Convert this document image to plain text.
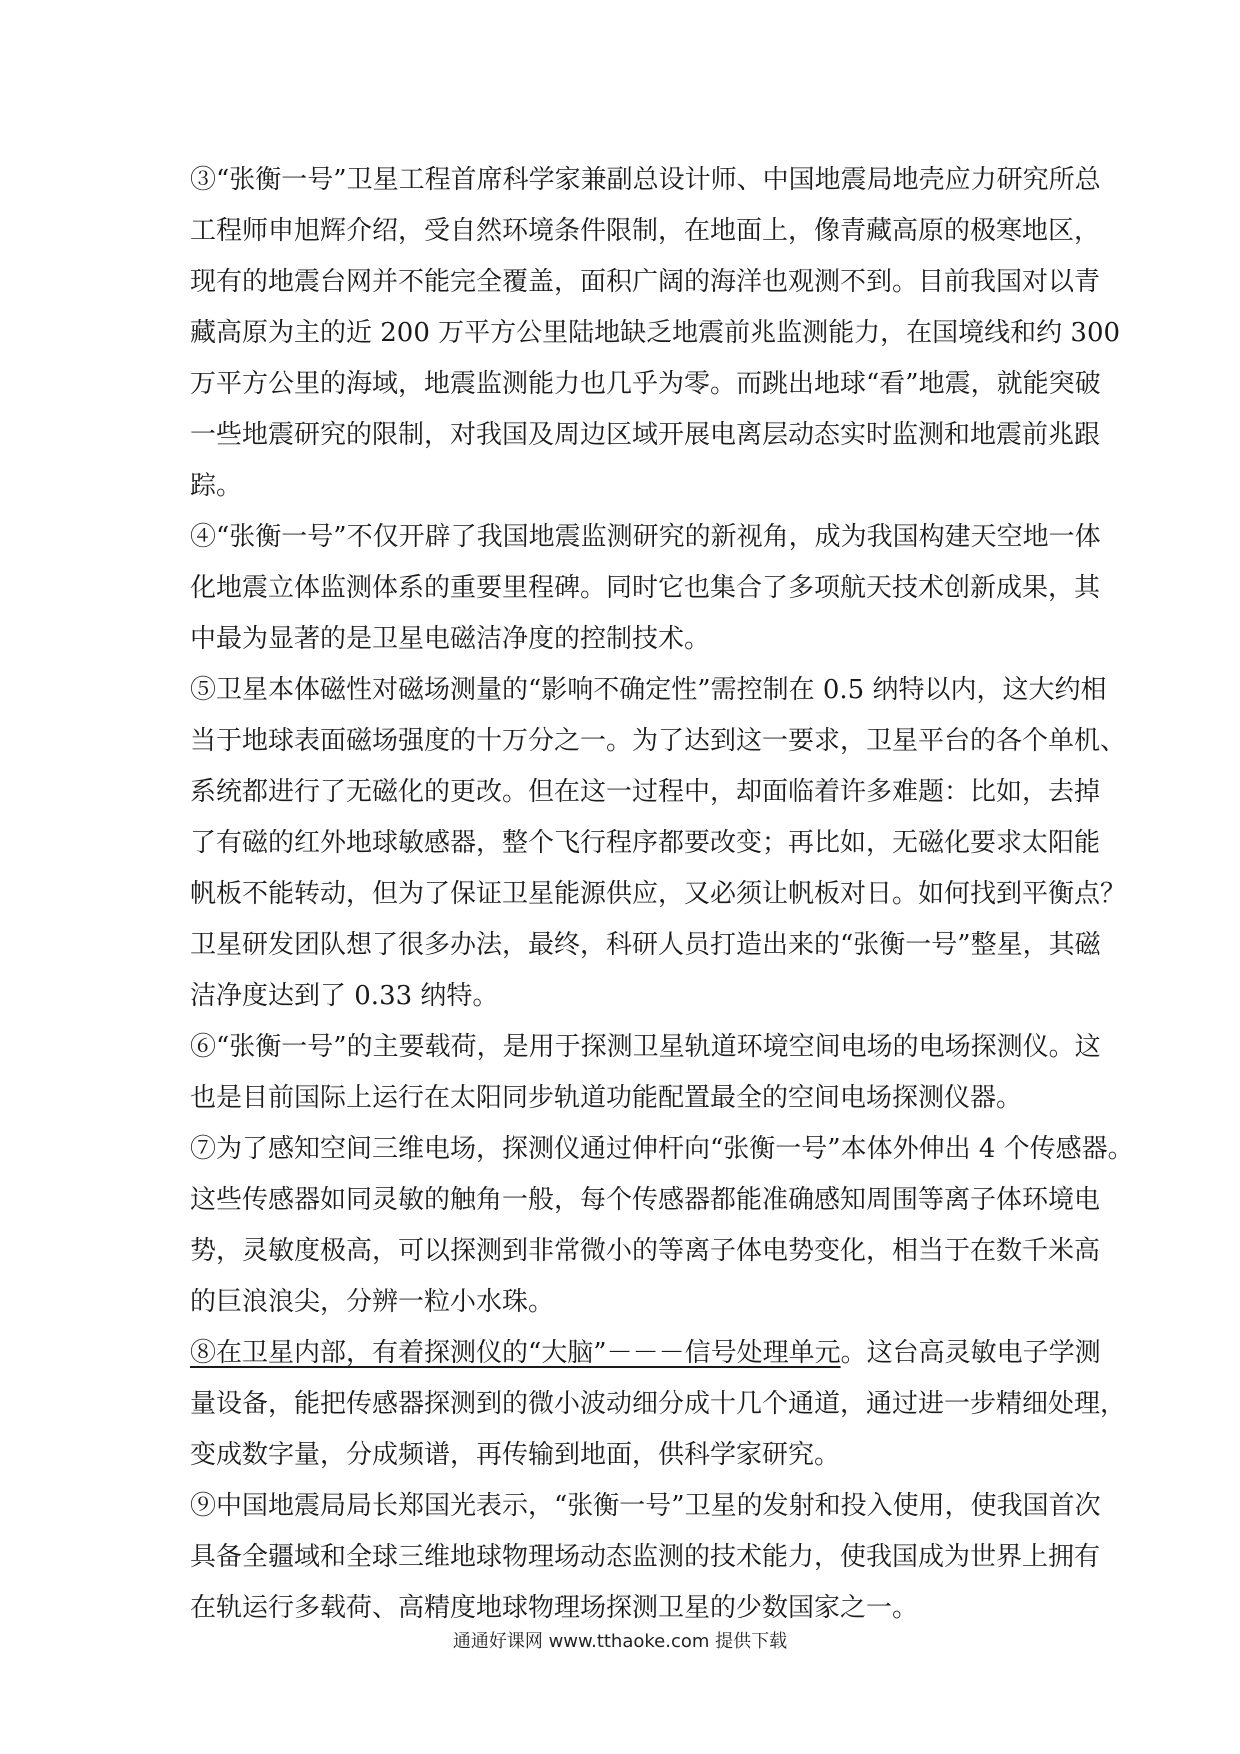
③“张衡一号”卫星工程首席科学家兼副总设计师、中国地震局地壳应力研究所总
工程师申旭辉介绍，受自然环境条件限制，在地面上，像青藏高原的极寒地区，
现有的地震台网并不能完全覆盖，面积广阔的海洋也观测不到。目前我国对以青
藏高原为主的近 200 万平方公里陆地缺乏地震前兆监测能力，在国境线和约 300
万平方公里的海域，地震监测能力也几乎为零。而跳出地球“看”地震，就能突破
一些地震研究的限制，对我国及周边区域开展电离层动态实时监测和地震前兆跟
踪。
④“张衡一号”不仅开辟了我国地震监测研究的新视角，成为我国构建天空地一体
化地震立体监测体系的重要里程碑。同时它也集合了多项航天技术创新成果，其
中最为显著的是卫星电磁洁净度的控制技术。
⑤卫星本体磁性对磁场测量的“影响不确定性”需控制在 0.5 纳特以内，这大约相
当于地球表面磁场强度的十万分之一。为了达到这一要求，卫星平台的各个单机、
系统都进行了无磁化的更改。但在这一过程中，却面临着许多难题：比如，去掉
了有磁的红外地球敏感器，整个飞行程序都要改变；再比如，无磁化要求太阳能
帆板不能转动，但为了保证卫星能源供应，又必须让帆板对日。如何找到平衡点？
卫星研发团队想了很多办法，最终，科研人员打造出来的“张衡一号”整星，其磁
洁净度达到了 0.33 纳特。
⑥“张衡一号”的主要载荷，是用于探测卫星轨道环境空间电场的电场探测仪。这
也是目前国际上运行在太阳同步轨道功能配置最全的空间电场探测仪器。
⑦为了感知空间三维电场，探测仪通过伸杆向“张衡一号”本体外伸出 4 个传感器。
这些传感器如同灵敏的触角一般，每个传感器都能准确感知周围等离子体环境电
势，灵敏度极高，可以探测到非常微小的等离子体电势变化，相当于在数千米高
的巨浪浪尖，分辨一粒小水珠。
⑧在卫星内部，有着探测仪的“大脑”－－－信号处理单元。这台高灵敏电子学测
量设备，能把传感器探测到的微小波动细分成十几个通道，通过进一步精细处理，
变成数字量，分成频谱，再传输到地面，供科学家研究。
⑨中国地震局局长郑国光表示，“张衡一号”卫星的发射和投入使用，使我国首次
具备全疆域和全球三维地球物理场动态监测的技术能力，使我国成为世界上拥有
在轨运行多载荷、高精度地球物理场探测卫星的少数国家之一。
通通好课网 www.tthaoke.com 提供下载
